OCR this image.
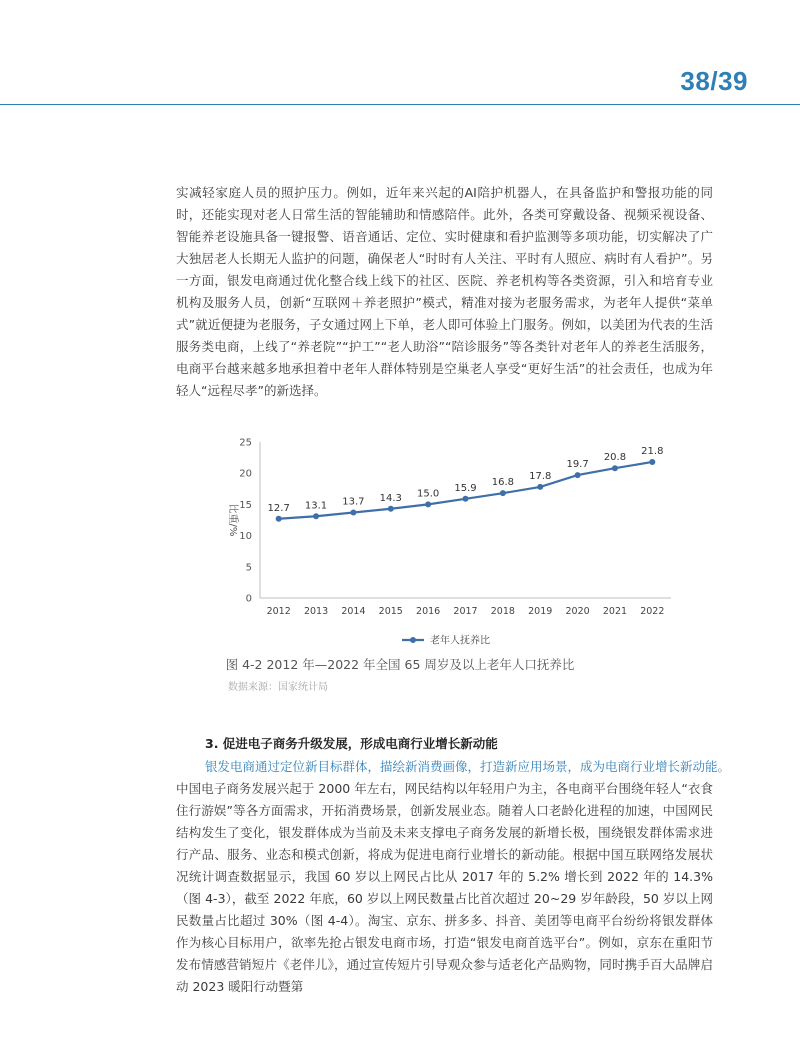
38/39

实减轻家庭人员的照护压力。例如，近年来兴起的AI陪护机器人，在具备监护和警报功能的同时，还能实现对老人日常生活的智能辅助和情感陪伴。此外，各类可穿戴设备、视频采视设备、智能养老设施具备一键报警、语音通话、定位、实时健康和看护监测等多项功能，切实解决了广大独居老人长期无人监护的问题，确保老人“时时有人关注、平时有人照应、病时有人看护”。另一方面，银发电商通过优化整合线上线下的社区、医院、养老机构等各类资源，引入和培育专业机构及服务人员，创新“互联网＋养老照护”模式，精准对接为老服务需求，为老年人提供“菜单式”就近便捷为老服务，子女通过网上下单，老人即可体验上门服务。例如，以美团为代表的生活服务类电商，上线了“养老院”“护工”“老人助浴”“陪诊服务”等各类针对老年人的养老生活服务，电商平台越来越多地承担着中老年人群体特别是空巢老人享受“更好生活”的社会责任，也成为年轻人“远程尽孝”的新选择。

0
5
10
15
20
25
比重/%
2012 2013 2014 2015 2016 2017 2018 2019 2020 2021 2022
12.7 13.1 13.7 14.3 15.0
15.9
16.8
17.8
19.7
20.8
21.8
老年人抚养比
图 4-2 2012 年—2022 年全国 65 周岁及以上老年人口抚养比
数据来源：国家统计局
3. 促进电子商务升级发展，形成电商行业增长新动能
银发电商通过定位新目标群体，描绘新消费画像，打造新应用场景，成为电商行业增长新动能。

中国电子商务发展兴起于 2000 年左右，网民结构以年轻用户为主，各电商平台围绕年轻人“衣食住行游娱”等各方面需求，开拓消费场景，创新发展业态。随着人口老龄化进程的加速，中国网民结构发生了变化，银发群体成为当前及未来支撑电子商务发展的新增长极，围绕银发群体需求进行产品、服务、业态和模式创新，将成为促进电商行业增长的新动能。根据中国互联网络发展状况统计调查数据显示，我国 60 岁以上网民占比从 2017 年的 5.2% 增长到 2022 年的 14.3%（图 4-3），截至 2022 年底，60 岁以上网民数量占比首次超过 20~29 岁年龄段，50 岁以上网民数量占比超过 30%（图 4-4）。淘宝、京东、拼多多、抖音、美团等电商平台纷纷将银发群体作为核心目标用户，欲率先抢占银发电商市场，打造“银发电商首选平台”。例如，京东在重阳节发布情感营销短片《老伴儿》，通过宣传短片引导观众参与适老化产品购物，同时携手百大品牌启动 2023 暖阳行动暨第
